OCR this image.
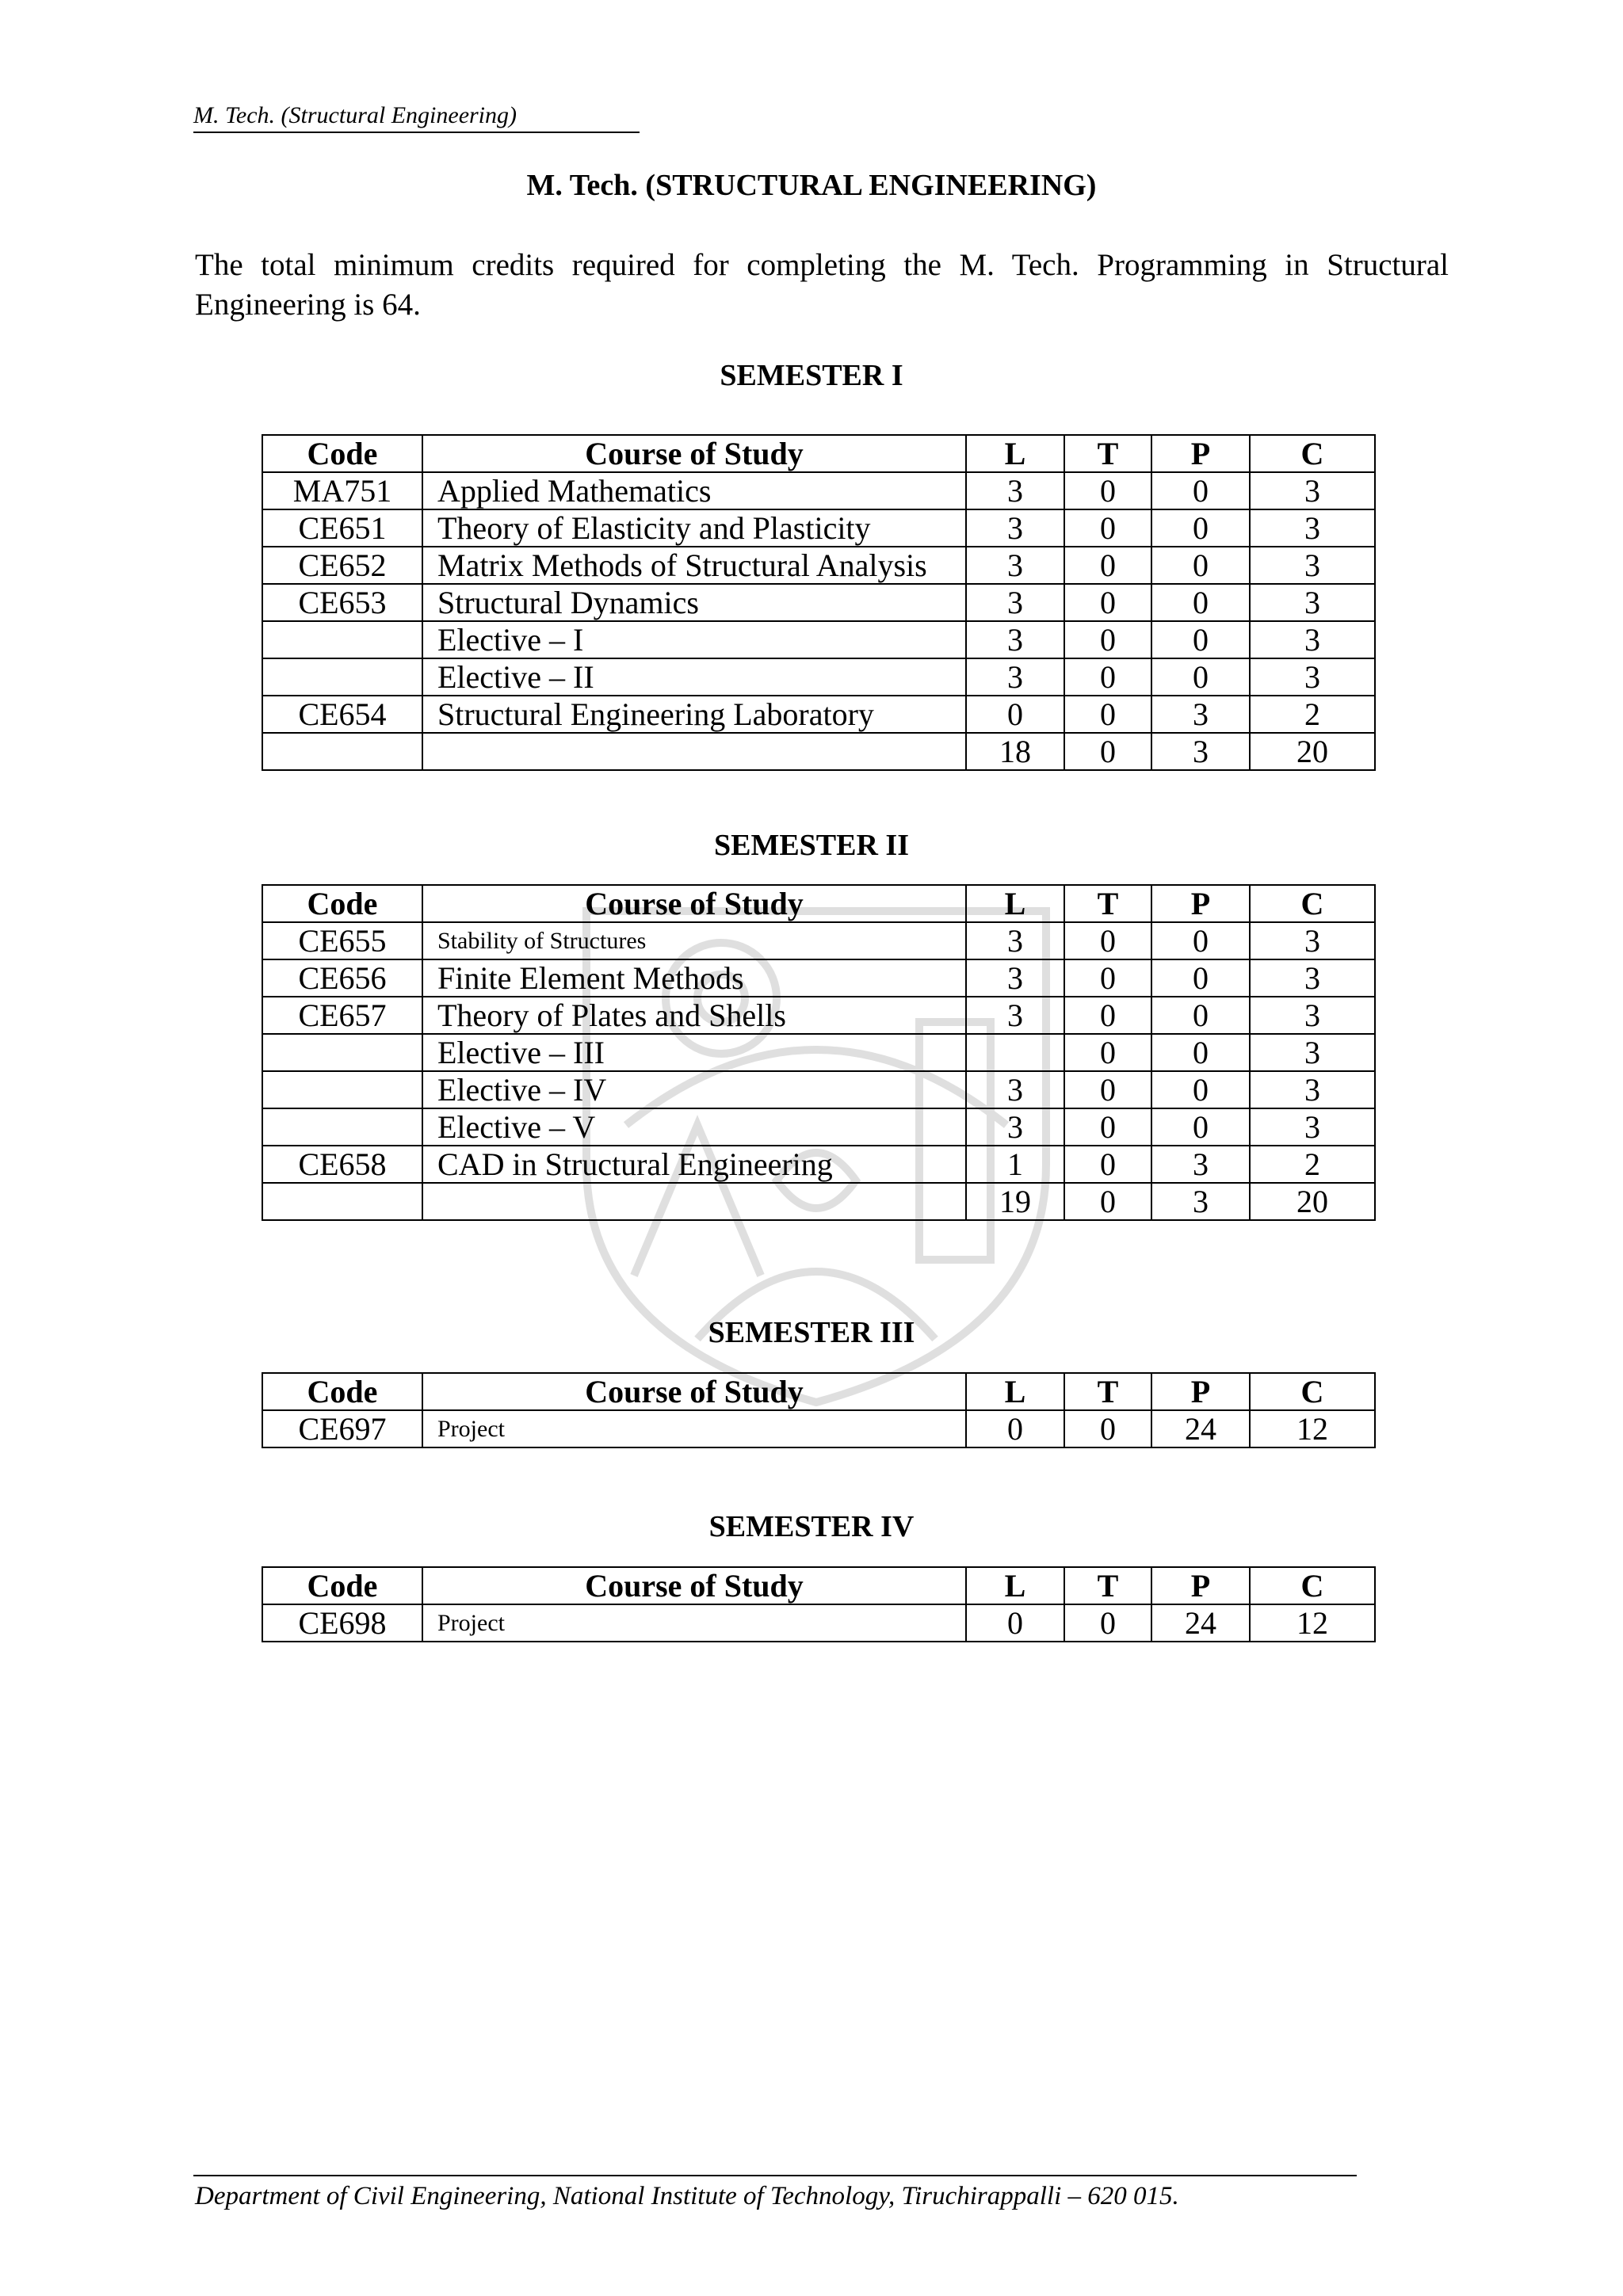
M. Tech. (Structural Engineering)
M. Tech. (STRUCTURAL ENGINEERING)
The total minimum credits required for completing the M. Tech. Programming in Structural Engineering is 64.
SEMESTER I
Code	Course of Study	L	T	P	C
MA751	Applied Mathematics	3	0	0	3
CE651	Theory of Elasticity and Plasticity	3	0	0	3
CE652	Matrix Methods of Structural Analysis	3	0	0	3
CE653	Structural Dynamics	3	0	0	3
	Elective – I	3	0	0	3
	Elective – II	3	0	0	3
CE654	Structural Engineering Laboratory	0	0	3	2
		18	0	3	20
SEMESTER II
Code	Course of Study	L	T	P	C
CE655	Stability of Structures	3	0	0	3
CE656	Finite Element Methods	3	0	0	3
CE657	Theory of Plates and Shells	3	0	0	3
	Elective – III		0	0	3
	Elective – IV	3	0	0	3
	Elective – V	3	0	0	3
CE658	CAD in Structural Engineering	1	0	3	2
		19	0	3	20
SEMESTER III
Code	Course of Study	L	T	P	C
CE697	Project	0	0	24	12
SEMESTER IV
Code	Course of Study	L	T	P	C
CE698	Project	0	0	24	12
Department of Civil Engineering, National Institute of Technology, Tiruchirappalli – 620 015.
